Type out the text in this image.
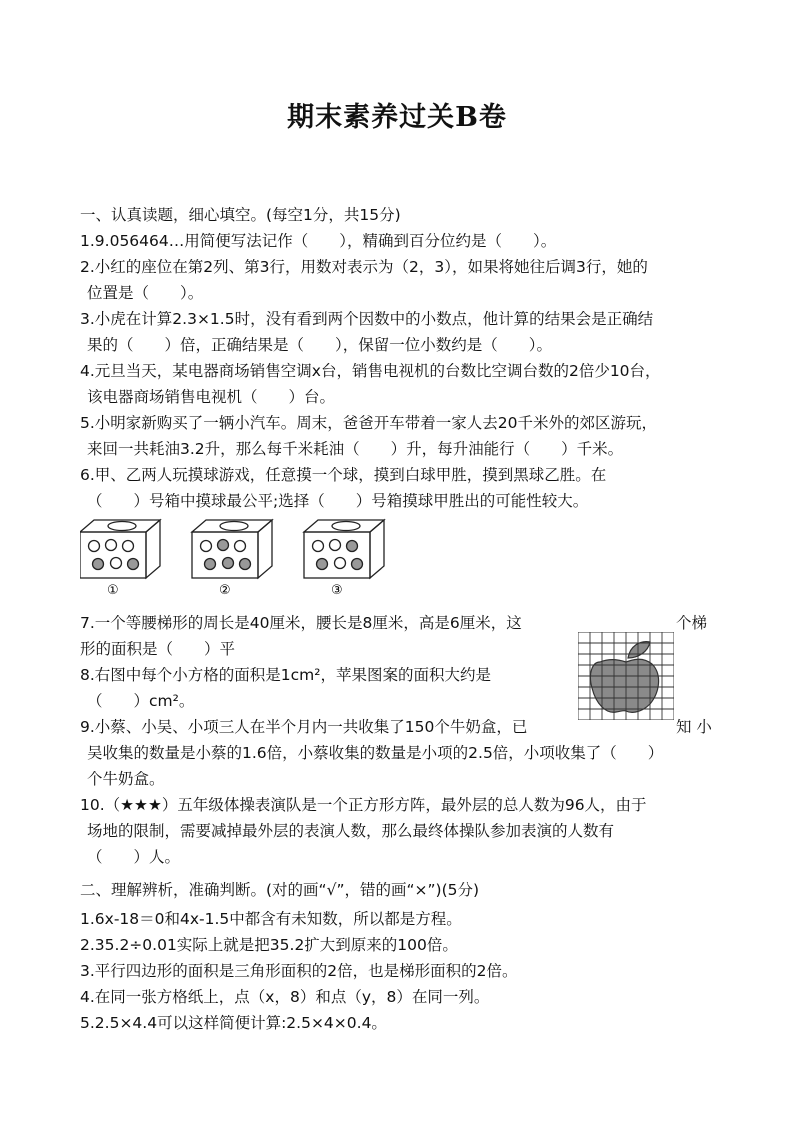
期末素养过关B卷
一、认真读题，细心填空。(每空1分，共15分)
1.9.056464…用简便写法记作（　　），精确到百分位约是（　　）。
2.小红的座位在第2列、第3行，用数对表示为（2，3），如果将她往后调3行，她的
位置是（　　）。
3.小虎在计算2.3×1.5时，没有看到两个因数中的小数点，他计算的结果会是正确结
果的（　　）倍，正确结果是（　　），保留一位小数约是（　　）。
4.元旦当天，某电器商场销售空调x台，销售电视机的台数比空调台数的2倍少10台，
该电器商场销售电视机（　　）台。
5.小明家新购买了一辆小汽车。周末，爸爸开车带着一家人去20千米外的郊区游玩，
来回一共耗油3.2升，那么每千米耗油（　　）升，每升油能行（　　）千米。
6.甲、乙两人玩摸球游戏，任意摸一个球，摸到白球甲胜，摸到黑球乙胜。在
（　　）号箱中摸球最公平;选择（　　）号箱摸球甲胜出的可能性较大。
①	②	③
7.一个等腰梯形的周长是40厘米，腰长是8厘米，高是6厘米，这	个梯
形的面积是（　　）平
8.右图中每个小方格的面积是1cm²，苹果图案的面积大约是
（　　）cm²。
9.小蔡、小吴、小项三人在半个月内一共收集了150个牛奶盒，已	知 小
吴收集的数量是小蔡的1.6倍，小蔡收集的数量是小项的2.5倍，小项收集了（　　）
个牛奶盒。
10.（★★★）五年级体操表演队是一个正方形方阵，最外层的总人数为96人，由于
场地的限制，需要减掉最外层的表演人数，那么最终体操队参加表演的人数有
（　　）人。
二、理解辨析，准确判断。(对的画“√”，错的画“×”)(5分)
1.6x-18＝0和4x-1.5中都含有未知数，所以都是方程。
2.35.2÷0.01实际上就是把35.2扩大到原来的100倍。
3.平行四边形的面积是三角形面积的2倍，也是梯形面积的2倍。
4.在同一张方格纸上，点（x，8）和点（y，8）在同一列。
5.2.5×4.4可以这样简便计算:2.5×4×0.4。
